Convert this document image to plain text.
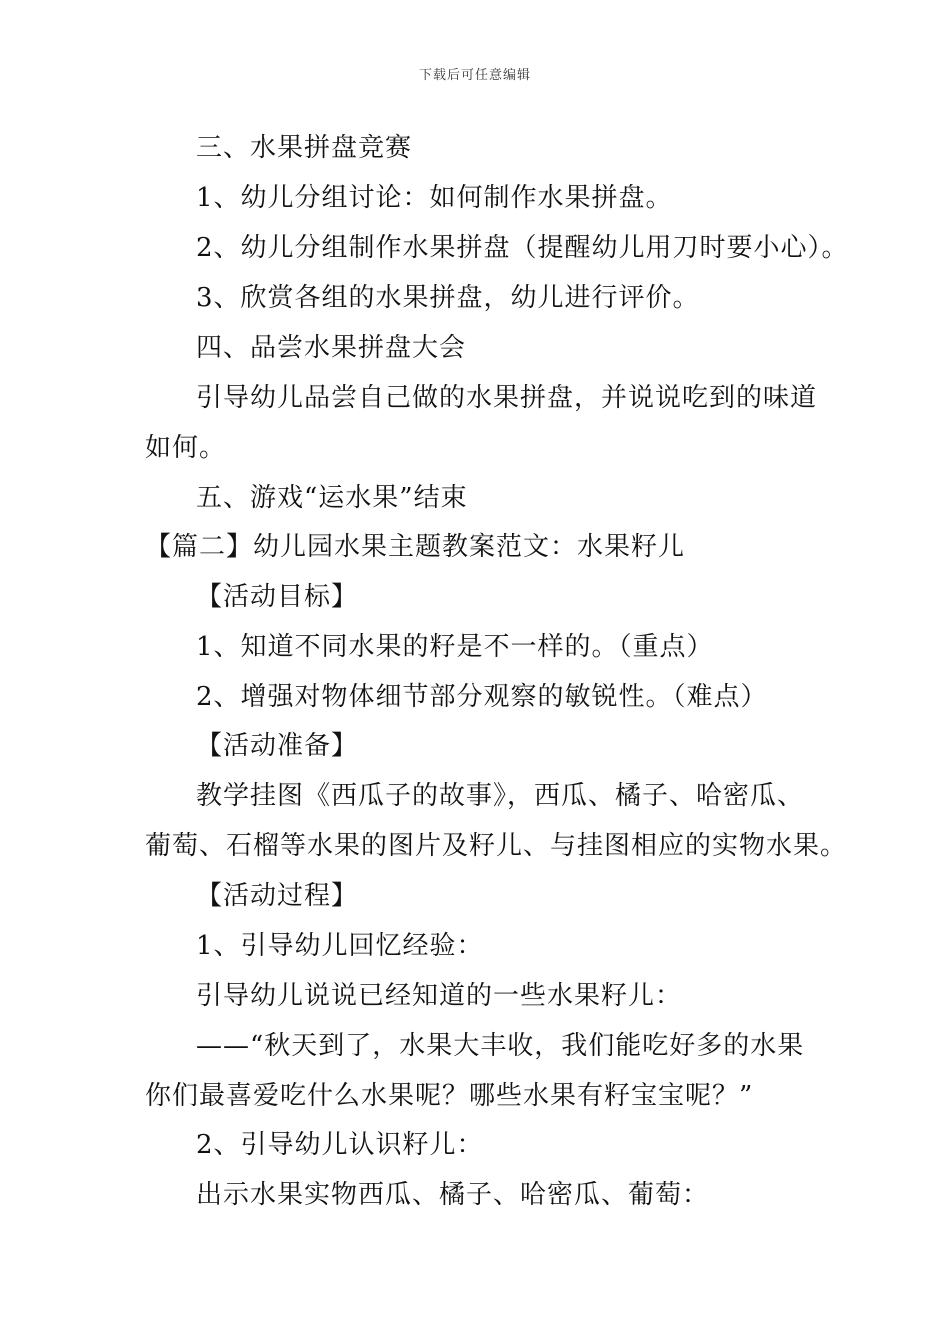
下载后可任意编辑
三、水果拼盘竞赛
1、幼儿分组讨论：如何制作水果拼盘。
2、幼儿分组制作水果拼盘（提醒幼儿用刀时要小心）。
3、欣赏各组的水果拼盘，幼儿进行评价。
四、品尝水果拼盘大会
引导幼儿品尝自己做的水果拼盘，并说说吃到的味道
如何。
五、游戏“运水果”结束
【篇二】幼儿园水果主题教案范文：水果籽儿
【活动目标】
1、知道不同水果的籽是不一样的。（重点）
2、增强对物体细节部分观察的敏锐性。（难点）
【活动准备】
教学挂图《西瓜子的故事》，西瓜、橘子、哈密瓜、
葡萄、石榴等水果的图片及籽儿、与挂图相应的实物水果。
【活动过程】
1、引导幼儿回忆经验：
引导幼儿说说已经知道的一些水果籽儿：
——“秋天到了，水果大丰收，我们能吃好多的水果
你们最喜爱吃什么水果呢？哪些水果有籽宝宝呢？”
2、引导幼儿认识籽儿：
出示水果实物西瓜、橘子、哈密瓜、葡萄：
